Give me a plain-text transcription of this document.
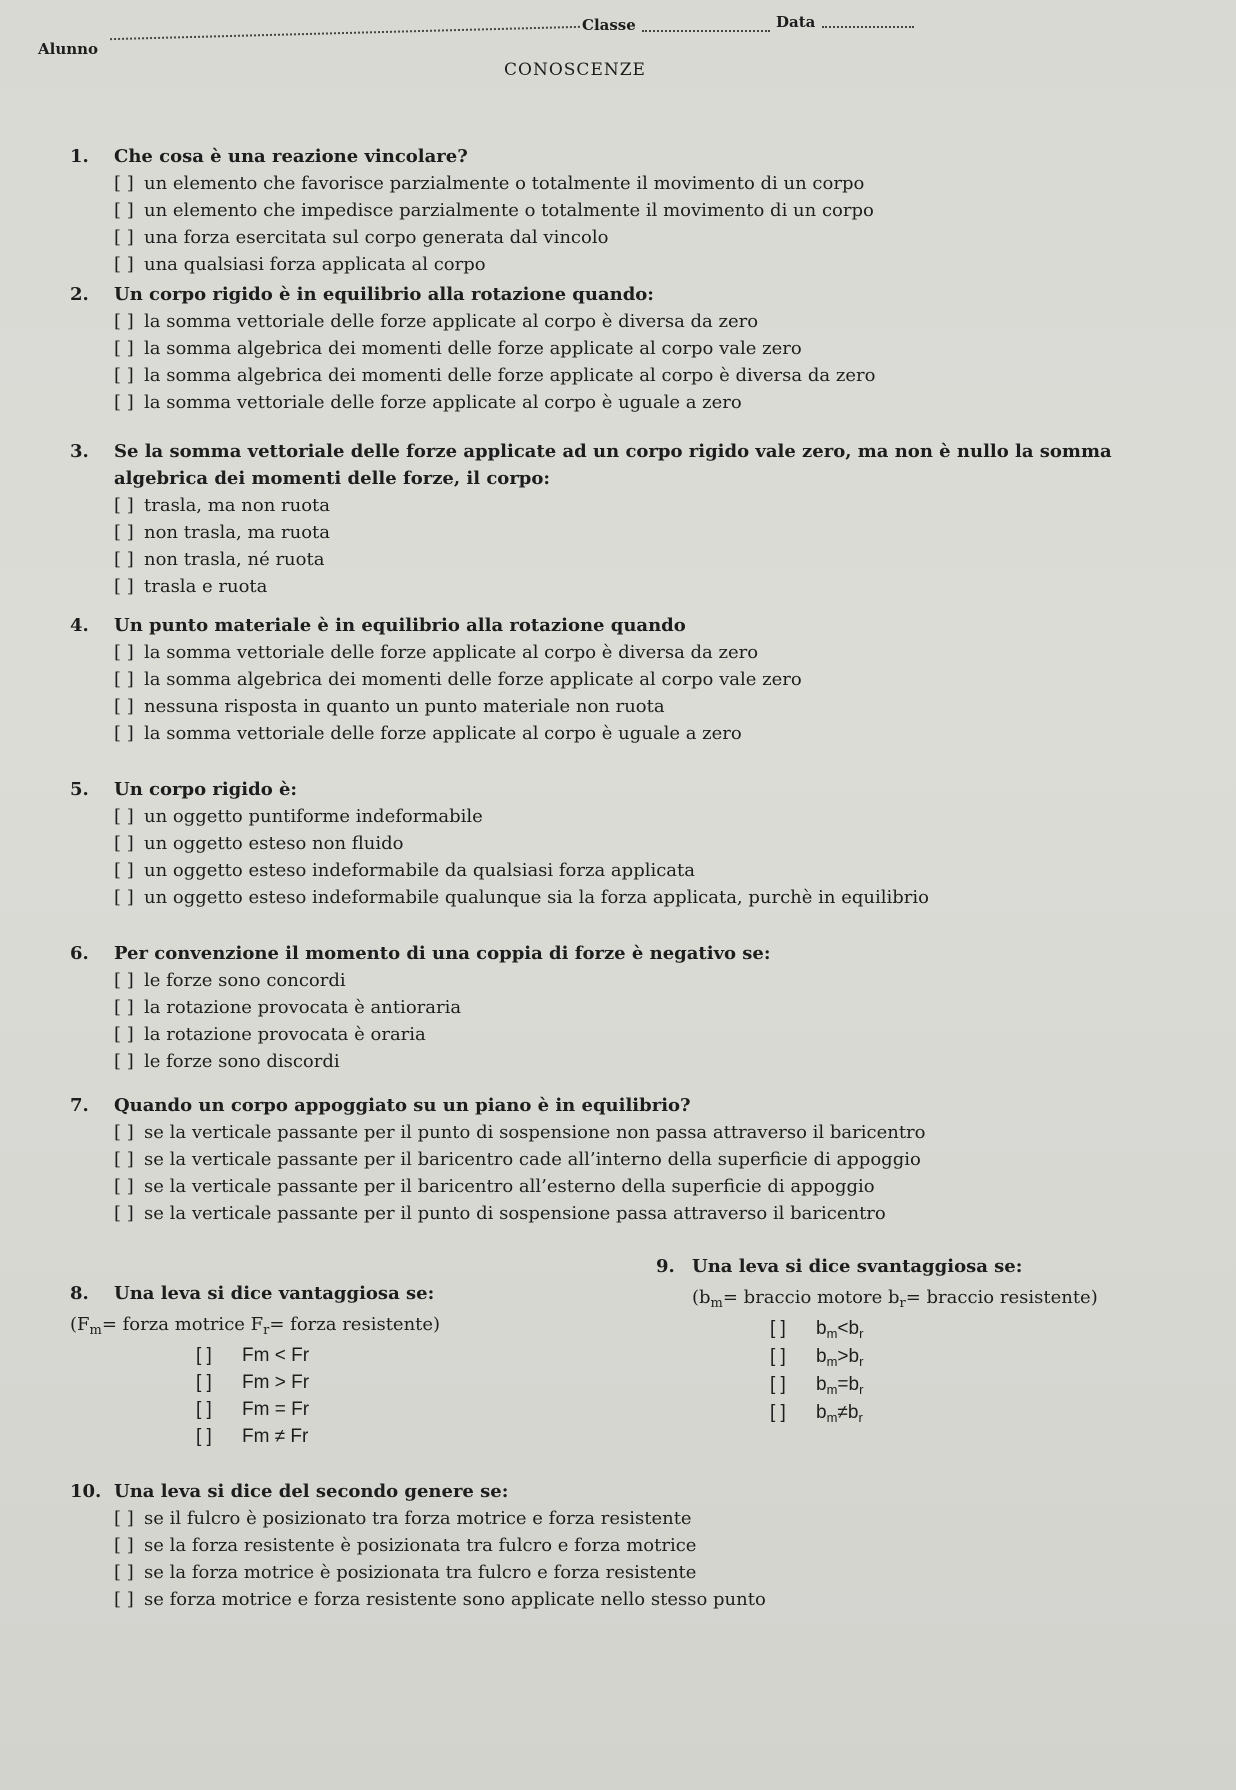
Alunno
Classe	Data
CONOSCENZE
1.	Che cosa è una reazione vincolare?
[ ] un elemento che favorisce parzialmente o totalmente il movimento di un corpo
[ ] un elemento che impedisce parzialmente o totalmente il movimento di un corpo
[ ] una forza esercitata sul corpo generata dal vincolo
[ ] una qualsiasi forza applicata al corpo
2.	Un corpo rigido è in equilibrio alla rotazione quando:
[ ] la somma vettoriale delle forze applicate al corpo è diversa da zero
[ ] la somma algebrica dei momenti delle forze applicate al corpo vale zero
[ ] la somma algebrica dei momenti delle forze applicate al corpo è diversa da zero
[ ] la somma vettoriale delle forze applicate al corpo è uguale a zero
3.	Se la somma vettoriale delle forze applicate ad un corpo rigido vale zero, ma non è nullo la somma algebrica dei momenti delle forze, il corpo:
[ ] trasla, ma non ruota
[ ] non trasla, ma ruota
[ ] non trasla, né ruota
[ ] trasla e ruota
4.	Un punto materiale è in equilibrio alla rotazione quando
[ ] la somma vettoriale delle forze applicate al corpo è diversa da zero
[ ] la somma algebrica dei momenti delle forze applicate al corpo vale zero
[ ] nessuna risposta in quanto un punto materiale non ruota
[ ] la somma vettoriale delle forze applicate al corpo è uguale a zero
5.	Un corpo rigido è:
[ ] un oggetto puntiforme indeformabile
[ ] un oggetto esteso non fluido
[ ] un oggetto esteso indeformabile da qualsiasi forza applicata
[ ] un oggetto esteso indeformabile qualunque sia la forza applicata, purchè in equilibrio
6.	Per convenzione il momento di una coppia di forze è negativo se:
[ ] le forze sono concordi
[ ] la rotazione provocata è antioraria
[ ] la rotazione provocata è oraria
[ ] le forze sono discordi
7.	Quando un corpo appoggiato su un piano è in equilibrio?
[ ] se la verticale passante per il punto di sospensione non passa attraverso il baricentro
[ ] se la verticale passante per il baricentro cade all’interno della superficie di appoggio
[ ] se la verticale passante per il baricentro all’esterno della superficie di appoggio
[ ] se la verticale passante per il punto di sospensione passa attraverso il baricentro
8.	Una leva si dice vantaggiosa se:
($F_m=$ forza motrice $F_r=$ forza resistente)
[ ]	Fm < Fr
[ ]	Fm > Fr
[ ]	Fm = Fr
[ ]	Fm ≠ Fr
9. Una leva si dice svantaggiosa se:
($b_m=$ braccio motore $b_r=$ braccio resistente)
[ ]	b m < b r
[ ]	b m > b r
[ ]	b m = b r
[ ]	b m ≠ b r
10. Una leva si dice del secondo genere se:
[ ] se il fulcro è posizionato tra forza motrice e forza resistente
[ ] se la forza resistente è posizionata tra fulcro e forza motrice
[ ] se la forza motrice è posizionata tra fulcro e forza resistente
[ ] se forza motrice e forza resistente sono applicate nello stesso punto
